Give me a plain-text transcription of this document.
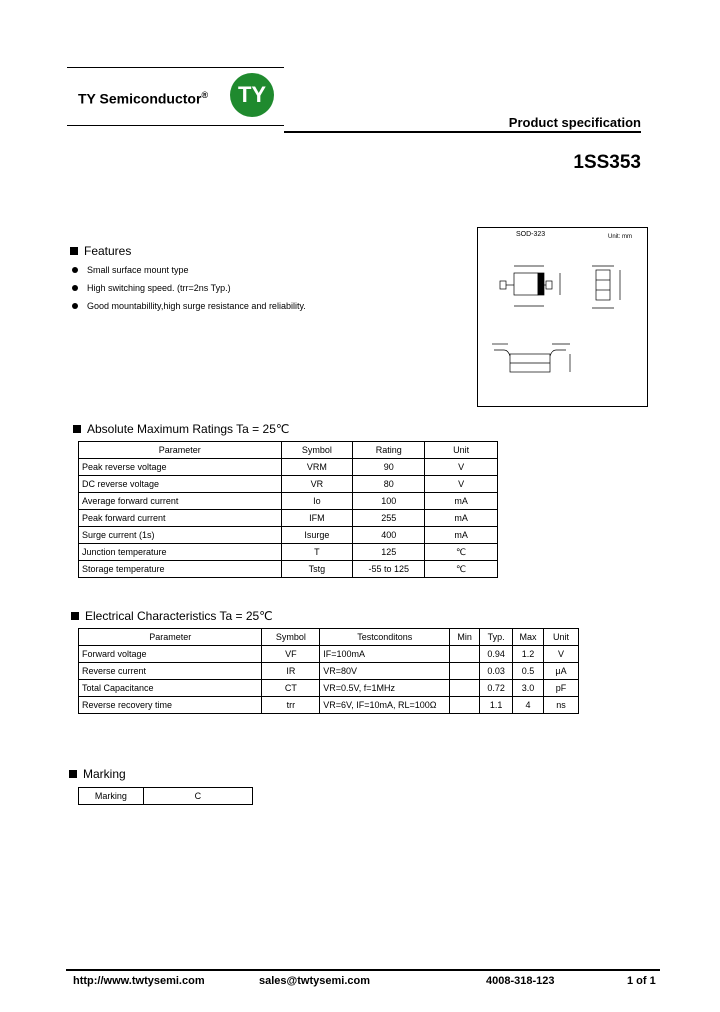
TY Semiconductor®	TY
Product specification
1SS353
Features
Small surface mount type
High switching speed. (trr=2ns Typ.)
Good mountabillity,high surge resistance and reliability.
SOD-323	Unit: mm
Absolute Maximum Ratings Ta = 25℃
Parameter	Symbol	Rating	Unit
Peak reverse voltage	VRM	90	V
DC reverse voltage	VR	80	V
Average forward current	Io	100	mA
Peak forward current	IFM	255	mA
Surge current (1s)	Isurge	400	mA
Junction temperature	T	125	℃
Storage temperature	Tstg	-55 to 125	℃
Electrical Characteristics Ta = 25℃
Parameter	Symbol	Testconditons	Min	Typ.	Max	Unit
Forward voltage	VF	IF=100mA		0.94	1.2	V
Reverse current	IR	VR=80V		0.03	0.5	μA
Total Capacitance	CT	VR=0.5V, f=1MHz		0.72	3.0	pF
Reverse recovery time	trr	VR=6V, IF=10mA, RL=100Ω		1.1	4	ns
Marking
Marking	C
http://www.twtysemi.com	sales@twtysemi.com	4008-318-123	1 of 1
